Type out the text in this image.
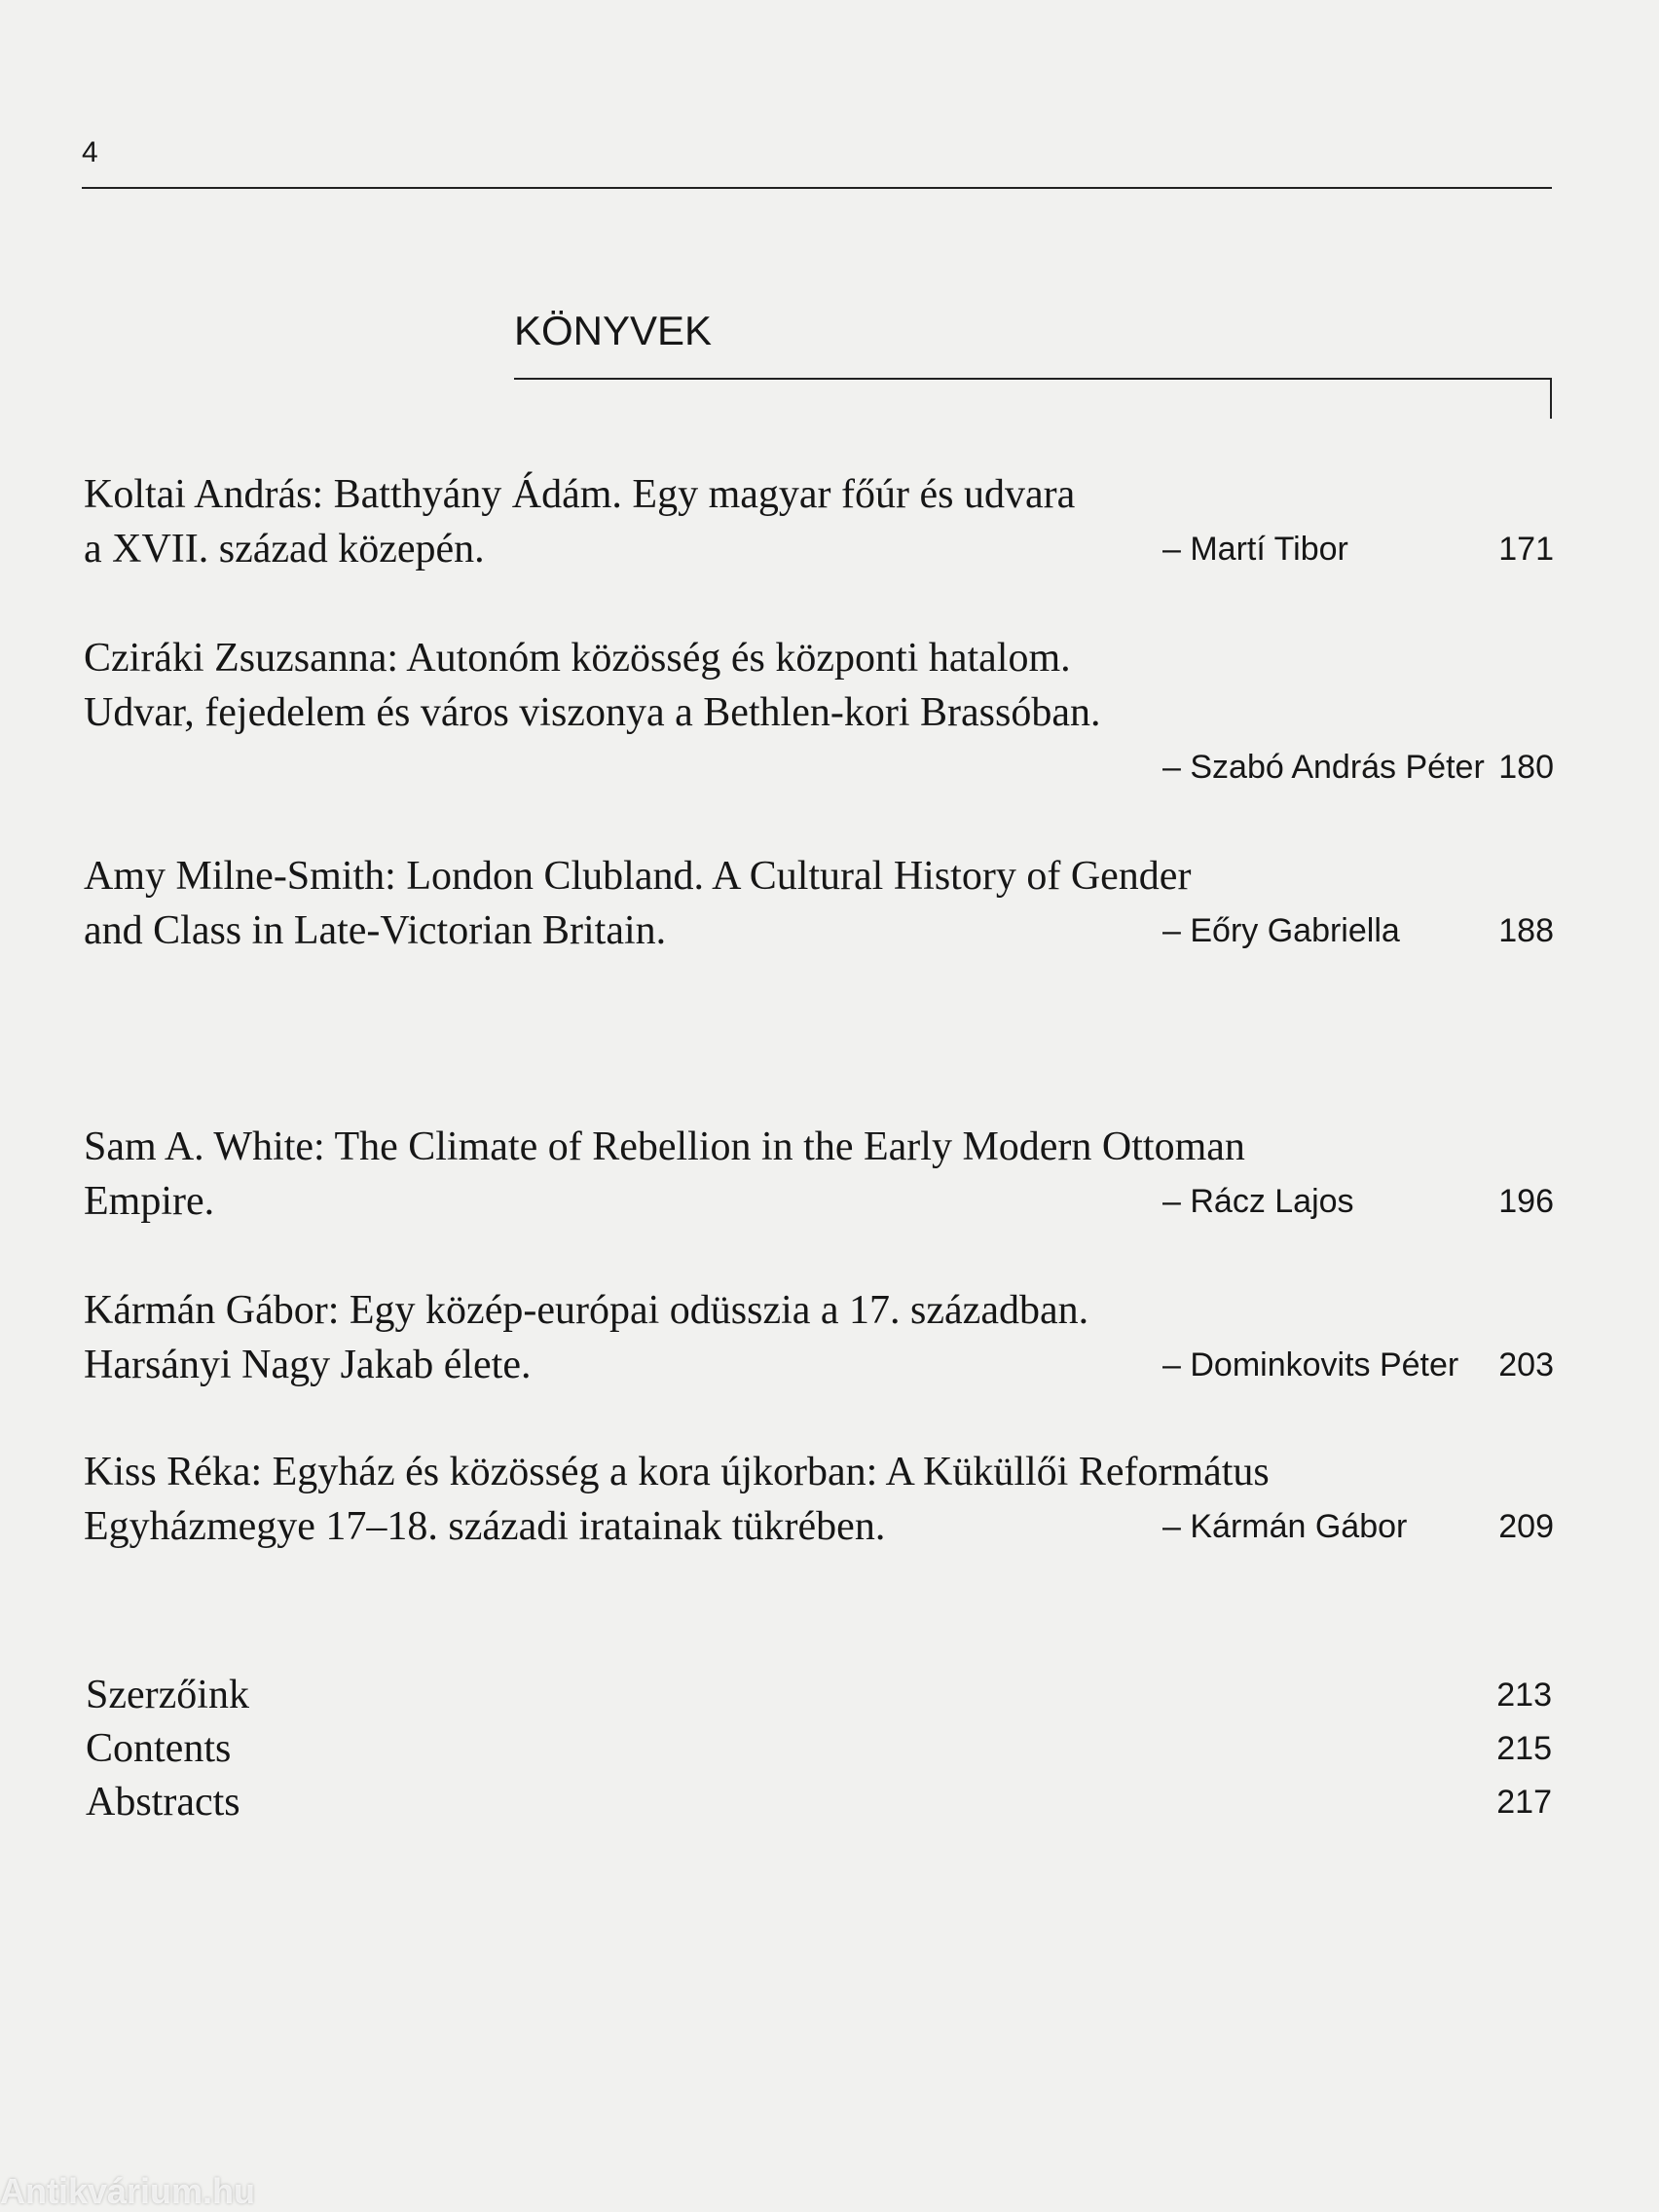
4
KÖNYVEK
Koltai András: Batthyány Ádám. Egy magyar főúr és udvara
a XVII. század közepén.	– Martí Tibor	171
Cziráki Zsuzsanna: Autonóm közösség és központi hatalom.
Udvar, fejedelem és város viszonya a Bethlen-kori Brassóban.
– Szabó András Péter 180
Amy Milne-Smith: London Clubland. A Cultural History of Gender
and Class in Late-Victorian Britain.	– Eőry Gabriella	188
Sam A. White: The Climate of Rebellion in the Early Modern Ottoman
Empire.	– Rácz Lajos	196
Kármán Gábor: Egy közép-európai odüsszia a 17. században.
Harsányi Nagy Jakab élete.	– Dominkovits Péter 203
Kiss Réka: Egyház és közösség a kora újkorban: A Küküllői Református
Egyházmegye 17–18. századi iratainak tükrében.	– Kármán Gábor	209
Szerzőink	213
Contents	215
Abstracts	217
Antikvárium.hu
